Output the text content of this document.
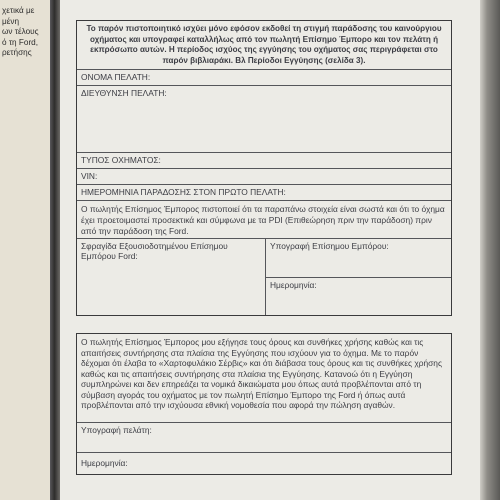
χετικά με
μένη
ων τέλους
ό τη Ford,
ρετήσης
Το παρόν πιστοποιητικό ισχύει μόνο εφόσον εκδοθεί τη στιγμή παράδοσης του καινούργιου οχήματος και υπογραφεί καταλλήλως από τον πωλητή Επίσημο Έμπορο και τον πελάτη ή εκπρόσωπο αυτών. Η περίοδος ισχύος της εγγύησης του οχήματος σας περιγράφεται στο παρόν βιβλιαράκι. Βλ Περίοδοι Εγγύησης (σελίδα 3).
ΟΝΟΜΑ ΠΕΛΑΤΗ:
ΔΙΕΥΘΥΝΣΗ ΠΕΛΑΤΗ:
ΤΥΠΟΣ ΟΧΗΜΑΤΟΣ:
VIN:
ΗΜΕΡΟΜΗΝΙΑ ΠΑΡΑΔΟΣΗΣ ΣΤΟΝ ΠΡΩΤΟ ΠΕΛΑΤΗ:
Ο πωλητής Επίσημος Έμπορος πιστοποιεί ότι τα παραπάνω στοιχεία είναι σωστά και ότι το όχημα έχει προετοιμαστεί προσεκτικά και σύμφωνα με τα PDI (Επιθεώρηση πριν την παράδοση) πριν από την παράδοση της Ford.
Σφραγίδα Εξουσιοδοτημένου Επίσημου Εμπόρου Ford:
Υπογραφή Επίσημου Εμπόρου:
Ημερομηνία:
Ο πωλητής Επίσημος Έμπορος μου εξήγησε τους όρους και συνθήκες χρήσης καθώς και τις απαιτήσεις συντήρησης στα πλαίσια της Εγγύησης που ισχύουν για το όχημα. Με το παρόν δέχομαι ότι έλαβα το «Χαρτοφυλάκιο Σέρβις» και ότι διάβασα τους όρους και τις συνθήκες χρήσης καθώς και τις απαιτήσεις συντήρησης στα πλαίσια της Εγγύησης. Κατανοώ ότι η Εγγύηση συμπληρώνει και δεν επηρεάζει τα νομικά δικαιώματα μου όπως αυτά προβλέπονται από τη σύμβαση αγοράς του οχήματος με τον πωλητή Επίσημο Έμπορο της Ford ή όπως αυτά προβλέπονται από την ισχύουσα εθνική νομοθεσία που αφορά την πώληση αγαθών.
Υπογραφή πελάτη:
Ημερομηνία:
